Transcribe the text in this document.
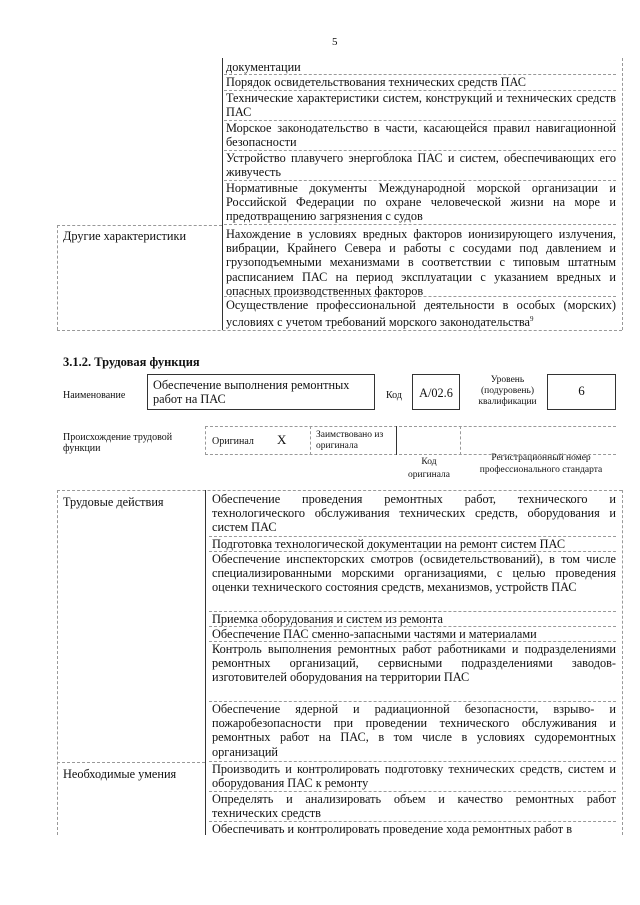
5
документации
Порядок освидетельствования технических средств ПАС
Технические характеристики систем, конструкций и технических средств ПАС
Морское законодательство в части, касающейся правил навигационной безопасности
Устройство плавучего энергоблока ПАС и систем, обеспечивающих его живучесть
Нормативные документы Международной морской организации и Российской Федерации по охране человеческой жизни на море и предотвращению загрязнения с судов
Другие характеристики	Нахождение в условиях вредных факторов ионизирующего излучения, вибрации, Крайнего Севера и работы с сосудами под давлением и грузоподъемными механизмами в соответствии с типовым штатным расписанием ПАС на период эксплуатации с указанием вредных и опасных производственных факторов
Осуществление профессиональной деятельности в особых (морских) условиях с учетом требований морского законодательства$^9$
3.1.2. Трудовая функция
Наименование
Обеспечение выполнения ремонтных работ на ПАС	Код	А/02.6
Уровень (подуровень) квалификации
6
Происхождение трудовой функции
Оригинал X	Заимствовано из оригинала
Код оригинала
Регистрационный номер профессионального стандарта
Трудовые действия	Обеспечение проведения ремонтных работ, технического и технологического обслуживания технических средств, оборудования и систем ПАС
Подготовка технологической документации на ремонт систем ПАС
Обеспечение инспекторских смотров (освидетельствований), в том числе специализированными морскими организациями, с целью проведения оценки технического состояния средств, механизмов, устройств ПАС
Приемка оборудования и систем из ремонта
Обеспечение ПАС сменно-запасными частями и материалами
Контроль выполнения ремонтных работ работниками и подразделениями ремонтных организаций, сервисными подразделениями заводов-изготовителей оборудования на территории ПАС
Обеспечение ядерной и радиационной безопасности, взрыво- и пожаробезопасности при проведении технического обслуживания и ремонтных работ на ПАС, в том числе в условиях судоремонтных организаций
Необходимые умения	Производить и контролировать подготовку технических средств, систем и оборудования ПАС к ремонту
Определять и анализировать объем и качество ремонтных работ технических средств
Обеспечивать и контролировать проведение хода ремонтных работ в
